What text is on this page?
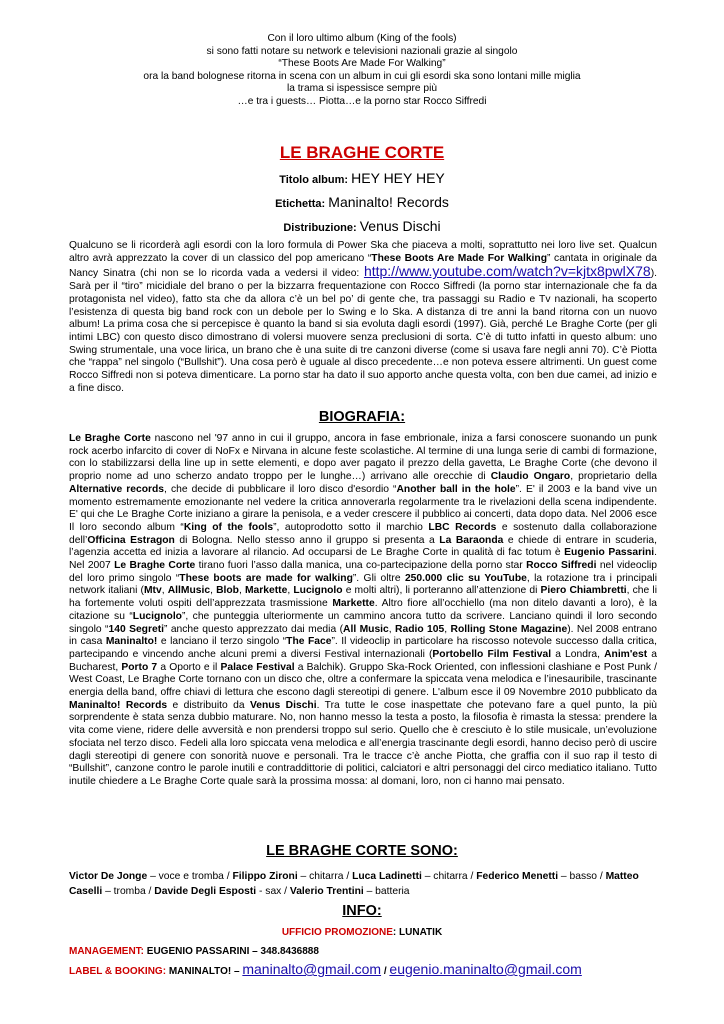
Con il loro ultimo album (King of the fools)
si sono fatti notare su network e televisioni nazionali grazie al singolo
“These Boots Are Made For Walking”
ora la band bolognese ritorna in scena con un album in cui gli esordi ska sono lontani mille miglia
la trama si ispessisce sempre più
…e tra i guests… Piotta…e la porno star Rocco Siffredi
LE BRAGHE CORTE
Titolo album: HEY HEY HEY
Etichetta: Maninalto! Records
Distribuzione: Venus Dischi
Qualcuno se li ricorderà agli esordi con la loro formula di Power Ska che piaceva a molti, soprattutto nei loro live set. Qualcun altro avrà apprezzato la cover di un classico del pop americano “These Boots Are Made For Walking” cantata in originale da Nancy Sinatra (chi non se lo ricorda vada a vedersi il video: http://www.youtube.com/watch?v=kjtx8pwlX78). Sarà per il “tiro” micidiale del brano o per la bizzarra frequentazione con Rocco Siffredi (la porno star internazionale che fa da protagonista nel video), fatto sta che da allora c’è un bel po’ di gente che, tra passaggi su Radio e Tv nazionali, ha scoperto l’esistenza di questa big band rock con un debole per lo Swing e lo Ska. A distanza di tre anni la band ritorna con un nuovo album! La prima cosa che si percepisce è quanto la band si sia evoluta dagli esordi (1997). Già, perché Le Braghe Corte (per gli intimi LBC) con questo disco dimostrano di volersi muovere senza preclusioni di sorta. C’è di tutto infatti in questo album: uno Swing strumentale, una voce lirica, un brano che è una suite di tre canzoni diverse (come si usava fare negli anni 70). C’è Piotta che “rappa” nel singolo (“Bullshit”). Una cosa però è uguale al disco precedente…e non poteva essere altrimenti. Un guest come Rocco Siffredi non si poteva dimenticare. La porno star ha dato il suo apporto anche questa volta, con ben due camei, ad inizio e a fine disco.
BIOGRAFIA:
Le Braghe Corte nascono nel '97 anno in cui il gruppo, ancora in fase embrionale, iniza a farsi conoscere suonando un punk rock acerbo infarcito di cover di NoFx e Nirvana in alcune feste scolastiche. Al termine di una lunga serie di cambi di formazione, con lo stabilizzarsi della line up in sette elementi, e dopo aver pagato il prezzo della gavetta, Le Braghe Corte (che devono il proprio nome ad uno scherzo andato troppo per le lunghe…) arrivano alle orecchie di Claudio Ongaro, proprietario della Alternative records, che decide di pubblicare il loro disco d'esordio “Another ball in the hole”. E' il 2003 e la band vive un momento estremamente emozionante nel vedere la critica annoverarla regolarmente tra le rivelazioni della scena indipendente. E' qui che Le Braghe Corte iniziano a girare la penisola, e a veder crescere il pubblico ai concerti, data dopo data. Nel 2006 esce Il loro secondo album “King of the fools”, autoprodotto sotto il marchio LBC Records e sostenuto dalla collaborazione dell’Officina Estragon di Bologna. Nello stesso anno il gruppo si presenta a La Baraonda e chiede di entrare in scuderia, l’agenzia accetta ed inizia a lavorare al rilancio. Ad occuparsi de Le Braghe Corte in qualità di fac totum è Eugenio Passarini. Nel 2007 Le Braghe Corte tirano fuori l’asso dalla manica, una co-partecipazione della porno star Rocco Siffredi nel videoclip del loro primo singolo “These boots are made for walking”. Gli oltre 250.000 clic su YouTube, la rotazione tra i principali network italiani (Mtv, AllMusic, Blob, Markette, Lucignolo e molti altri), li porteranno all’attenzione di Piero Chiambretti, che li ha fortemente voluti ospiti dell’apprezzata trasmissione Markette. Altro fiore all’occhiello (ma non ditelo davanti a loro), è la citazione su “Lucignolo”, che punteggia ulteriormente un cammino ancora tutto da scrivere. Lanciano quindi il loro secondo singolo “140 Segreti” anche questo apprezzato dai media (All Music, Radio 105, Rolling Stone Magazine). Nel 2008 entrano in casa Maninalto! e lanciano il terzo singolo “The Face”. Il videoclip in particolare ha riscosso notevole successo dalla critica, partecipando e vincendo anche alcuni premi a diversi Festival internazionali (Portobello Film Festival a Londra, Anim'est a Bucharest, Porto 7 a Oporto e il Palace Festival a Balchik). Gruppo Ska-Rock Oriented, con inflessioni clashiane e Post Punk / West Coast, Le Braghe Corte tornano con un disco che, oltre a confermare la spiccata vena melodica e l’inesauribile, trascinante energia della band, offre chiavi di lettura che escono dagli stereotipi di genere. L'album esce il 09 Novembre 2010 pubblicato da Maninalto! Records e distribuito da Venus Dischi. Tra tutte le cose inaspettate che potevano fare a quel punto, la più sorprendente è stata senza dubbio maturare. No, non hanno messo la testa a posto, la filosofia è rimasta la stessa: prendere la vita come viene, ridere delle avversità e non prendersi troppo sul serio. Quello che è cresciuto è lo stile musicale, un’evoluzione sfociata nel terzo disco. Fedeli alla loro spiccata vena melodica e all’energia trascinante degli esordi, hanno deciso però di uscire dagli stereotipi di genere con sonorità nuove e personali. Tra le tracce c’è anche Piotta, che graffia con il suo rap il testo di “Bullshit”, canzone contro le parole inutili e contraddittorie di politici, calciatori e altri personaggi del circo mediatico italiano. Tutto inutile chiedere a Le Braghe Corte quale sarà la prossima mossa: al domani, loro, non ci hanno mai pensato.
LE BRAGHE CORTE SONO:
Victor De Jonge – voce e tromba / Filippo Zironi – chitarra / Luca Ladinetti – chitarra / Federico Menetti – basso / Matteo Caselli – tromba / Davide Degli Esposti - sax / Valerio Trentini – batteria
INFO:
UFFICIO PROMOZIONE: LUNATIK
MANAGEMENT: EUGENIO PASSARINI – 348.8436888
LABEL & BOOKING: MANINALTO! – maninalto@gmail.com / eugenio.maninalto@gmail.com
